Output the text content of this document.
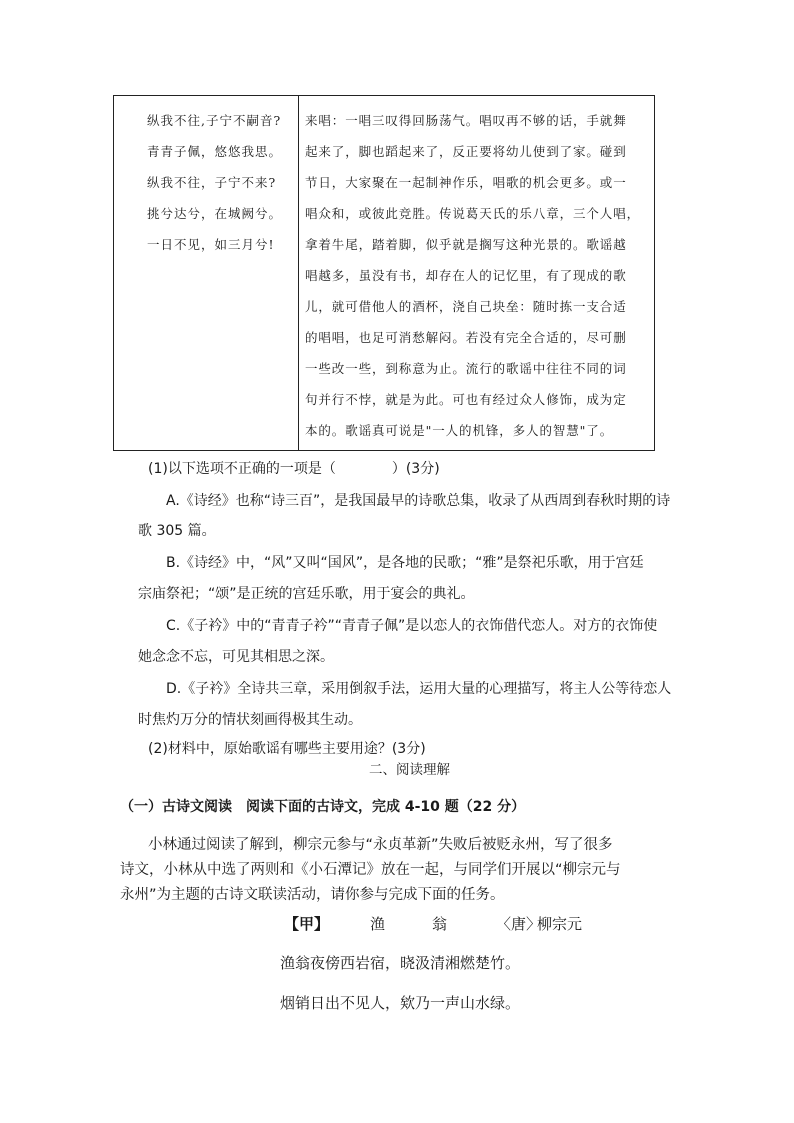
纵我不往,子宁不嗣音?
青青子佩，悠悠我思。
纵我不往，子宁不来?
挑兮达兮，在城阙兮。
一日不见，如三月兮!
来唱：一唱三叹得回肠荡气。唱叹再不够的话，手就舞
起来了，脚也蹈起来了，反正要将幼儿使到了家。碰到
节日，大家聚在一起制神作乐，唱歌的机会更多。或一
唱众和，或彼此竞胜。传说葛天氏的乐八章，三个人唱，
拿着牛尾，踏着脚，似乎就是搁写这种光景的。歌谣越
唱越多，虽没有书，却存在人的记忆里，有了现成的歌
儿，就可借他人的酒杯，浇自己块垒：随时拣一支合适
的唱唱，也足可消愁解闷。若没有完全合适的，尽可删
一些改一些，到称意为止。流行的歌谣中往往不同的词
句并行不悖，就是为此。可也有经过众人修饰，成为定
本的。歌谣真可说是"一人的机锋，多人的智慧"了。
(1)以下选项不正确的一项是（　　　　）(3分)
A.《诗经》也称“诗三百”，是我国最早的诗歌总集，收录了从西周到春秋时期的诗
歌 305 篇。
B.《诗经》中，“风”又叫“国风”，是各地的民歌；“雅”是祭祀乐歌，用于宫廷
宗庙祭祀；“颂”是正统的宫廷乐歌，用于宴会的典礼。
C.《子衿》中的“青青子衿”“青青子佩”是以恋人的衣饰借代恋人。对方的衣饰使
她念念不忘，可见其相思之深。
D.《子衿》全诗共三章，采用倒叙手法，运用大量的心理描写，将主人公等待恋人
时焦灼万分的情状刻画得极其生动。
(2)材料中，原始歌谣有哪些主要用途？(3分)
二、阅读理解
（一）古诗文阅读　阅读下面的古诗文，完成 4-10 题（22 分）
小林通过阅读了解到，柳宗元参与“永贞革新”失败后被贬永州，写了很多
诗文，小林从中选了两则和《小石潭记》放在一起，与同学们开展以“柳宗元与
永州”为主题的古诗文联读活动，请你参与完成下面的任务。
【甲】	渔	翁	〈唐〉
柳宗元
渔翁夜傍西岩宿，晓汲清湘燃楚竹。
烟销日出不见人，欸乃一声山水绿。
